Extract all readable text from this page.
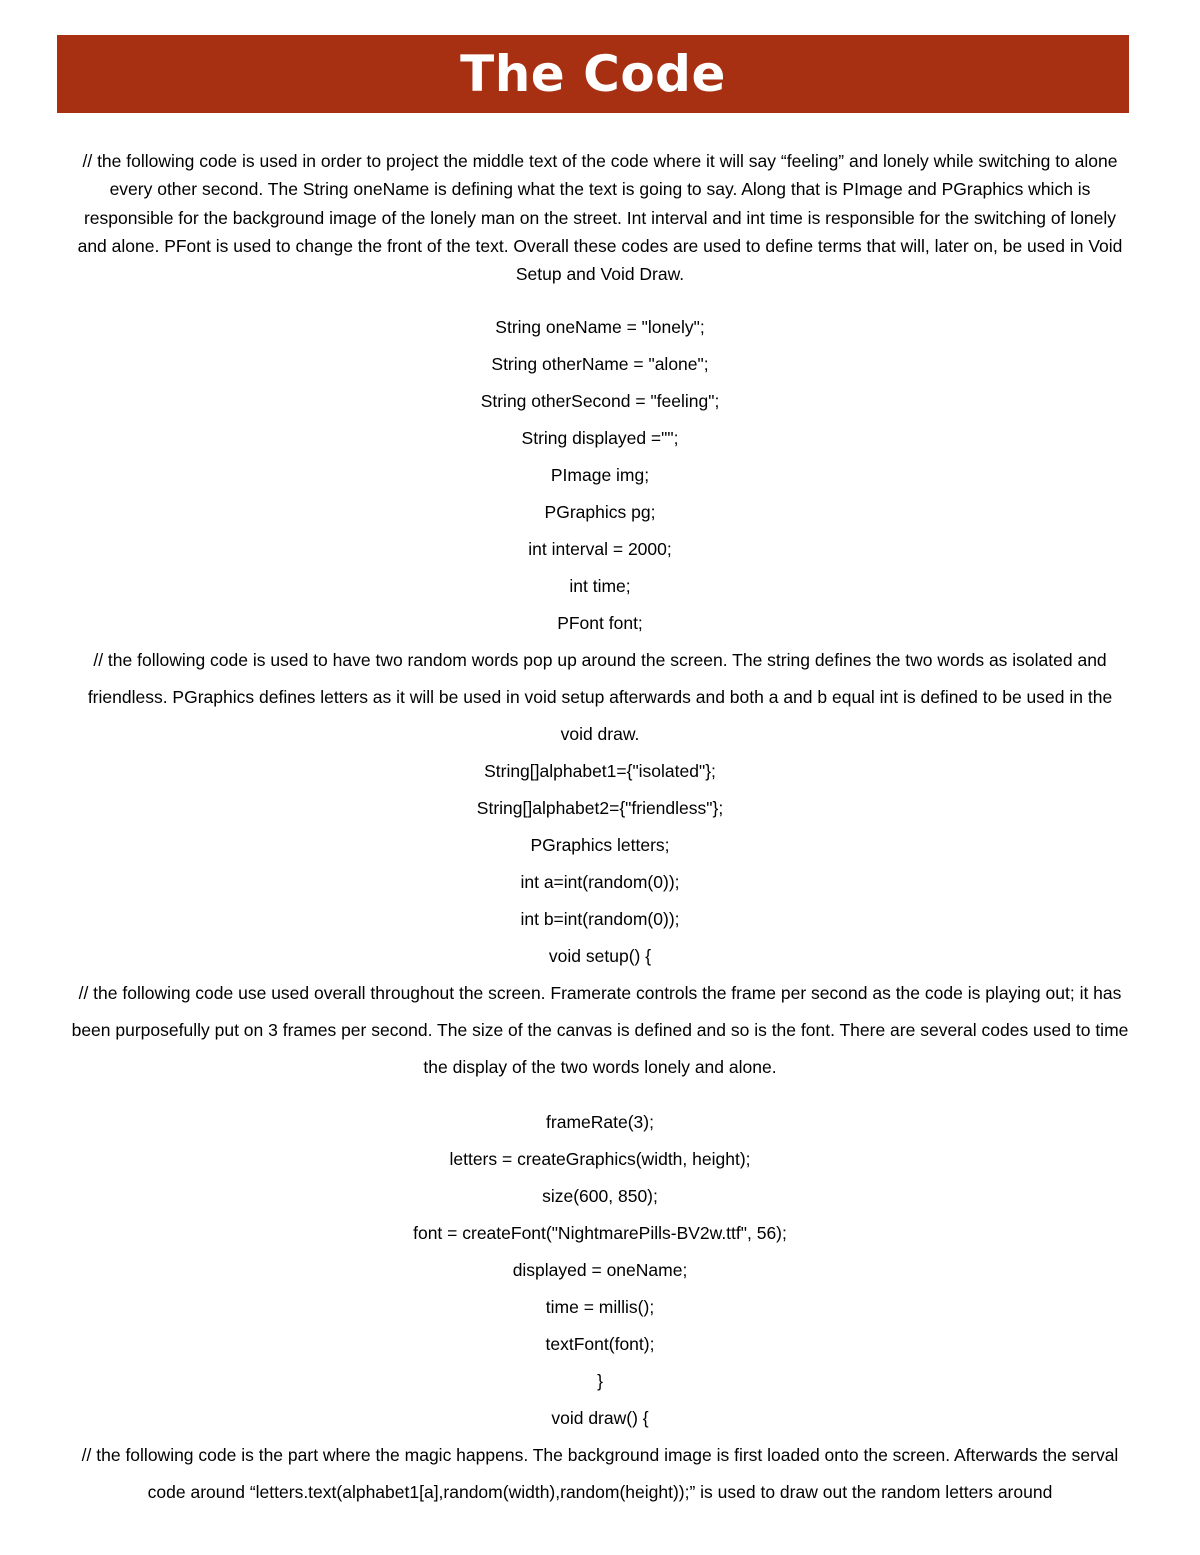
The Code

// the following code is used in order to project the middle text of the code where it will say “feeling” and lonely while switching to alone every other second. The String oneName is defining what the text is going to say. Along that is PImage and PGraphics which is responsible for the background image of the lonely man on the street. Int interval and int time is responsible for the switching of lonely and alone. PFont is used to change the front of the text. Overall these codes are used to define terms that will, later on, be used in Void Setup and Void Draw.

String oneName = "lonely";
String otherName = "alone";
String otherSecond = "feeling";
String displayed ="";
PImage img;
PGraphics pg;
int interval = 2000;
int time;
PFont font;

// the following code is used to have two random words pop up around the screen. The string defines the two words as isolated and friendless. PGraphics defines letters as it will be used in void setup afterwards and both a and b equal int is defined to be used in the void draw.

String[]alphabet1={"isolated"};
String[]alphabet2={"friendless"};
PGraphics letters;
int a=int(random(0));
int b=int(random(0));
void setup() {

// the following code use used overall throughout the screen. Framerate controls the frame per second as the code is playing out; it has been purposefully put on 3 frames per second. The size of the canvas is defined and so is the font. There are several codes used to time the display of the two words lonely and alone.

frameRate(3);
letters = createGraphics(width, height);
size(600, 850);
font = createFont("NightmarePills-BV2w.ttf", 56);
displayed = oneName;
time = millis();
textFont(font);
}
void draw() {

// the following code is the part where the magic happens. The background image is first loaded onto the screen. Afterwards the serval code around “letters.text(alphabet1[a],random(width),random(height));” is used to draw out the random letters around
